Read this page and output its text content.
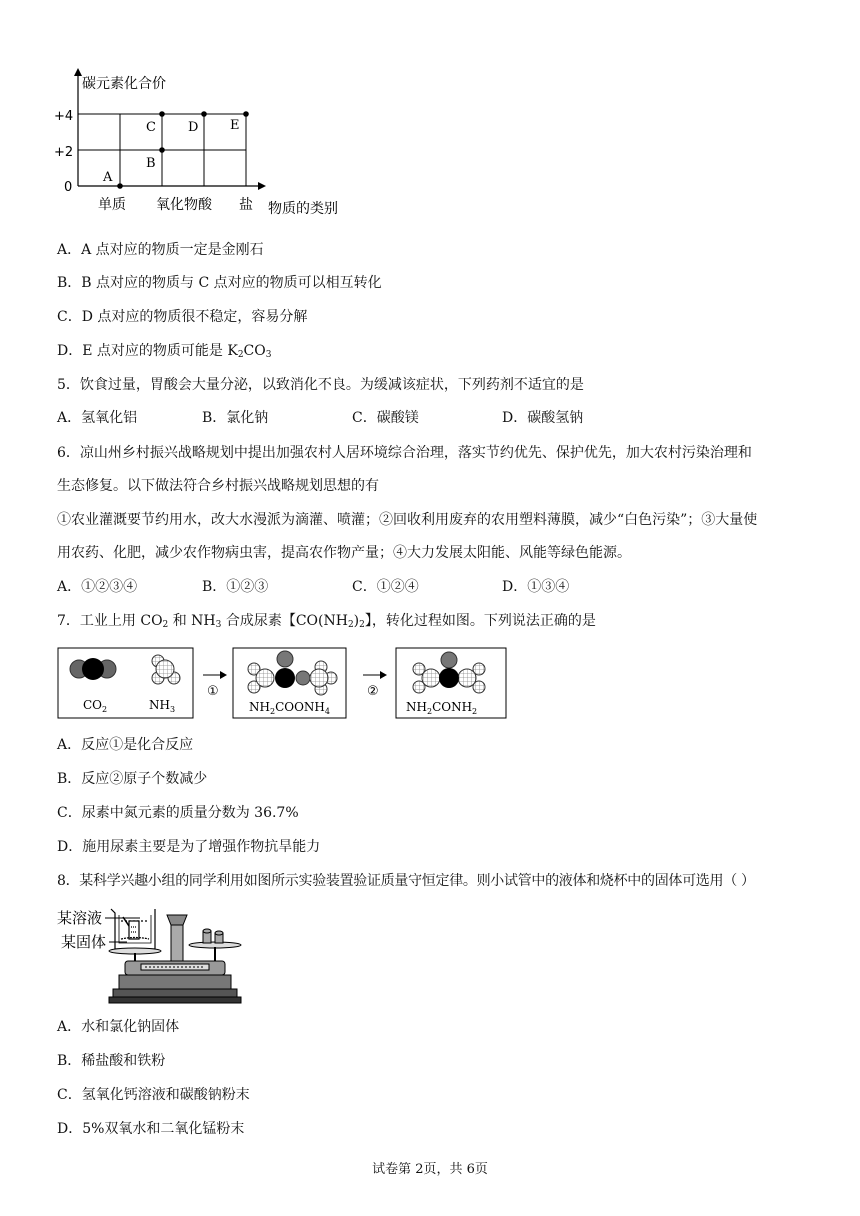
碳元素化合价
+4
+2
0
单质 氧化物 酸 盐 物质的类别
A
B
C D E
A．A 点对应的物质一定是金刚石
B．B 点对应的物质与 C 点对应的物质可以相互转化
C．D 点对应的物质很不稳定，容易分解
D．E 点对应的物质可能是 $K_2CO_3$
5．饮食过量，胃酸会大量分泌，以致消化不良。为缓减该症状，下列药剂不适宜的是
A．氢氧化铝	B．氯化钠	C．碳酸镁	D．碳酸氢钠
6．凉山州乡村振兴战略规划中提出加强农村人居环境综合治理，落实节约优先、保护优先，加大农村污染治理和
生态修复。以下做法符合乡村振兴战略规划思想的有
①农业灌溉要节约用水，改大水漫派为滴灌、喷灌；②回收利用废弃的农用塑料薄膜，减少“白色污染”；③大量使
用农药、化肥，减少农作物病虫害，提高农作物产量；④大力发展太阳能、风能等绿色能源。
A．①②③④	B．①②③	C．①②④	D．①③④
7．工业上用 $CO_2$ 和 $NH_3$ 合成尿素【$CO(NH_2)_2$】，转化过程如图。下列说法正确的是
$CO_2$	$NH_3$
①
$NH_2COONH_4$
②
$NH_2CONH_2$
A．反应①是化合反应
B．反应②原子个数减少
C．尿素中氮元素的质量分数为 36.7%
D．施用尿素主要是为了增强作物抗旱能力
8．某科学兴趣小组的同学利用如图所示实验装置验证质量守恒定律。则小试管中的液体和烧杯中的固体可选用（ ）
某溶液
某固体
A．水和氯化钠固体
B．稀盐酸和铁粉
C．氢氧化钙溶液和碳酸钠粉末
D．5%双氧水和二氧化锰粉末
试卷第 2页，共 6页
